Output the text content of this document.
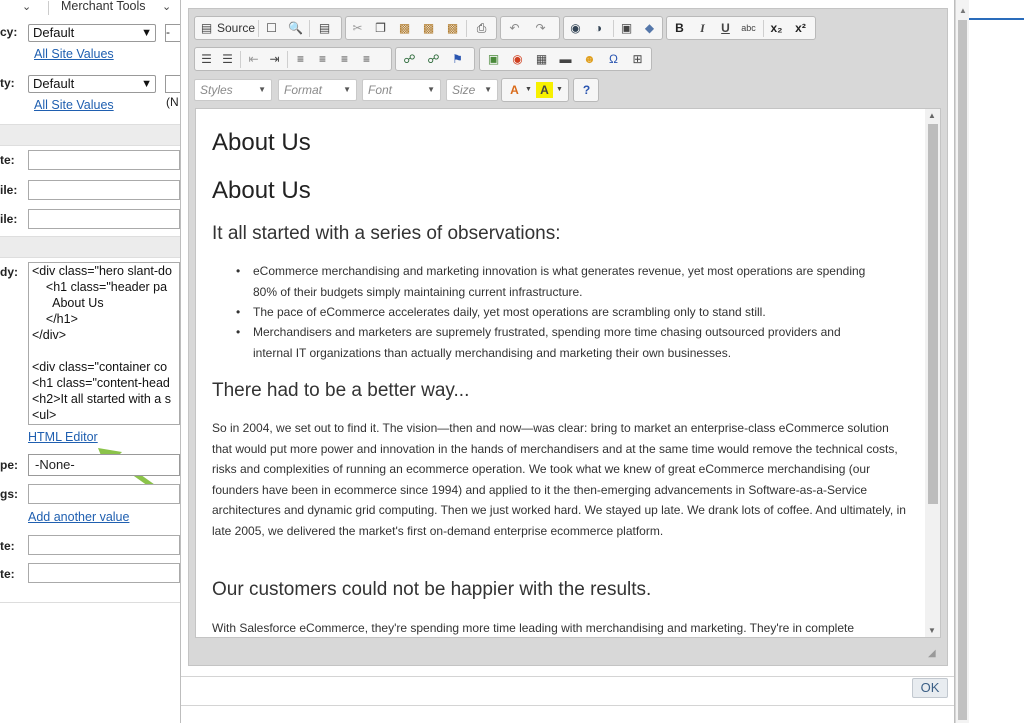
⌄ Merchant Tools ⌄
cy:	Default	▼ -
All Site Values
ty:	Default	▼
All Site Values	(N
te:
ile:
ile:
dy: <div class="hero slant-do
<h1 class="header pa
About Us
</h1>
</div>
<div class="container co
<h1 class="content-head
<h2>It all started with a s
<ul>
HTML Editor
pe:	-None-
gs:
Add another value
te:
te:
▲
▤ Source ☐ 🔍 ▤ ✂ ❐ ▩ ▩ ▩	⎙	↶ ↷ ◉	◑	▣	◆	B	I	U	abc x₂ x²
☰ ☰ ⇤ ⇥	≡	≡	≡	≡	☍ ☍ ⚑ ▣ ◉ ▦ ▬ ☻	Ω	⊞
Styles	▼	Format	▼	Font	▼	Size ▼	A ▼ A	▼	?
About Us
About Us
It all started with a series of observations:
• eCommerce merchandising and marketing innovation is what generates revenue, yet most operations are spending 80% of their budgets simply maintaining current infrastructure.
• The pace of eCommerce accelerates daily, yet most operations are scrambling only to stand still.
• Merchandisers and marketers are supremely frustrated, spending more time chasing outsourced providers and internal IT organizations than actually merchandising and marketing their own businesses.
There had to be a better way...
So in 2004, we set out to find it. The vision—then and now—was clear: bring to market an enterprise-class eCommerce solution that would put more power and innovation in the hands of merchandisers and at the same time would remove the technical costs, risks and complexities of running an ecommerce operation. We took what we knew of great eCommerce merchandising (our founders have been in ecommerce since 1994) and applied to it the then-emerging advancements in Software-as-a-Service architectures and dynamic grid computing. Then we just worked hard. We stayed up late. We drank lots of coffee. And ultimately, in late 2005, we delivered the market's first on-demand enterprise ecommerce platform.
Our customers could not be happier with the results.
With Salesforce eCommerce, they're spending more time leading with merchandising and marketing. They're in complete
▲
▼
◢
OK
